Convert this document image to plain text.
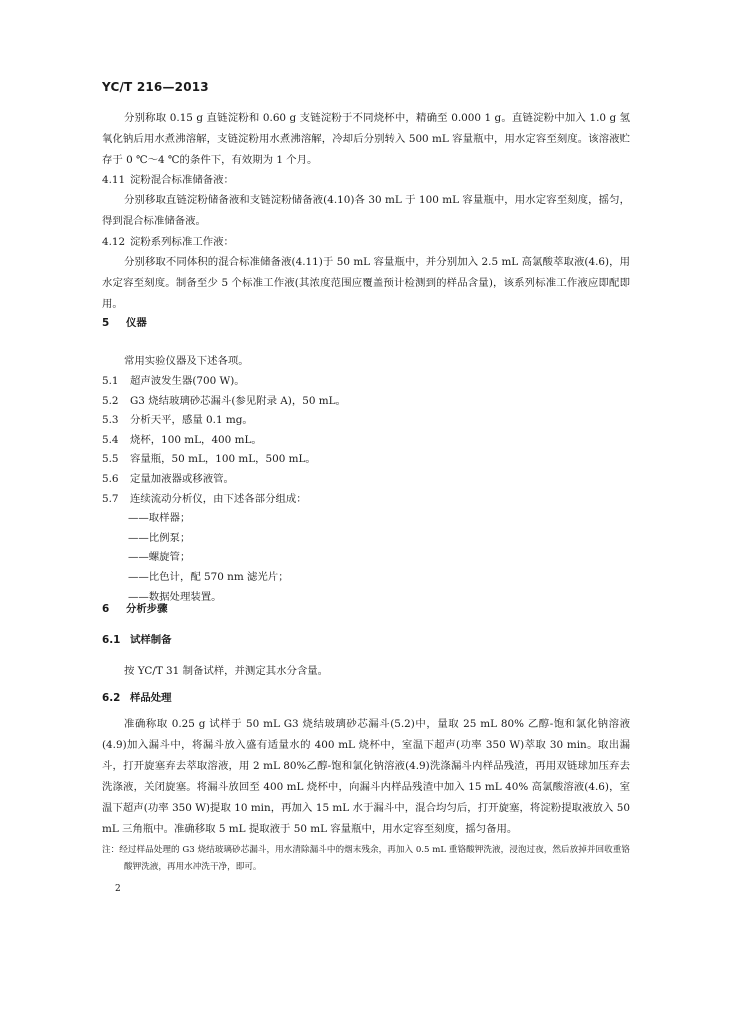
YC/T 216—2013

分别称取 0.15 g 直链淀粉和 0.60 g 支链淀粉于不同烧杯中，精确至 0.000 1 g。直链淀粉中加入 1.0 g 氢氧化钠后用水煮沸溶解，支链淀粉用水煮沸溶解，冷却后分别转入 500 mL 容量瓶中，用水定容至刻度。该溶液贮存于 0 ℃～4 ℃的条件下，有效期为 1 个月。

4.11 淀粉混合标准储备液：

分别移取直链淀粉储备液和支链淀粉储备液(4.10)各 30 mL 于 100 mL 容量瓶中，用水定容至刻度，摇匀，得到混合标准储备液。

4.12 淀粉系列标准工作液：

分别移取不同体积的混合标准储备液(4.11)于 50 mL 容量瓶中，并分别加入 2.5 mL 高氯酸萃取液(4.6)，用水定容至刻度。制备至少 5 个标准工作液(其浓度范围应覆盖预计检测到的样品含量)，该系列标准工作液应即配即用。

5 仪器

常用实验仪器及下述各项。

5.1 超声波发生器(700 W)。

5.2 G3 烧结玻璃砂芯漏斗(参见附录 A)，50 mL。

5.3 分析天平，感量 0.1 mg。

5.4 烧杯，100 mL，400 mL。

5.5 容量瓶，50 mL，100 mL，500 mL。

5.6 定量加液器或移液管。

5.7 连续流动分析仪，由下述各部分组成：

——取样器；

——比例泵；

——螺旋管；

——比色计，配 570 nm 滤光片；

——数据处理装置。

6 分析步骤

6.1 试样制备

按 YC/T 31 制备试样，并测定其水分含量。

6.2 样品处理

准确称取 0.25 g 试样于 50 mL G3 烧结玻璃砂芯漏斗(5.2)中，量取 25 mL 80% 乙醇-饱和氯化钠溶液(4.9)加入漏斗中，将漏斗放入盛有适量水的 400 mL 烧杯中，室温下超声(功率 350 W)萃取 30 min。取出漏斗，打开旋塞弃去萃取溶液，用 2 mL 80%乙醇-饱和氯化钠溶液(4.9)洗涤漏斗内样品残渣，再用双链球加压弃去洗涤液，关闭旋塞。将漏斗放回至 400 mL 烧杯中，向漏斗内样品残渣中加入 15 mL 40% 高氯酸溶液(4.6)，室温下超声(功率 350 W)提取 10 min，再加入 15 mL 水于漏斗中，混合均匀后，打开旋塞，将淀粉提取液放入 50 mL 三角瓶中。准确移取 5 mL 提取液于 50 mL 容量瓶中，用水定容至刻度，摇匀备用。

注：经过样品处理的 G3 烧结玻璃砂芯漏斗，用水清除漏斗中的烟末残余，再加入 0.5 mL 重铬酸钾洗液，浸泡过夜，然后放掉并回收重铬酸钾洗液，再用水冲洗干净，即可。

2
